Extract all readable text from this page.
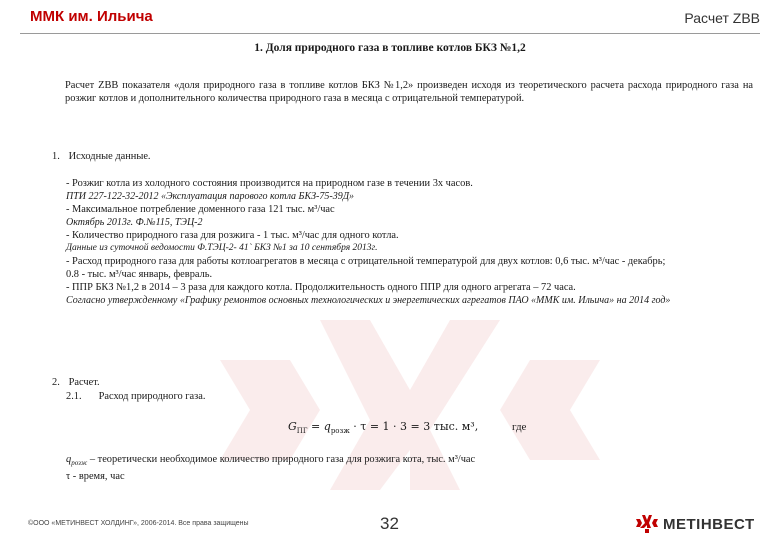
ММК им. Ильича	Расчет ZBB
1. Доля природного газа в топливе котлов БКЗ №1,2
Расчет ZBB показателя «доля природного газа в топливе котлов БКЗ №1,2» произведен исходя из теоретического расчета расхода природного газа на розжиг котлов и дополнительного количества природного газа в месяца с отрицательной температурой.
1. Исходные данные.

- Розжиг котла из холодного состояния производится на природном газе в течении 3х часов.

ПТИ 227-122-32-2012 «Эксплуатация парового котла БКЗ-75-39Д»

- Максимальное потребление доменного газа 121 тыс. м³/час

Октябрь 2013г. Ф.№115, ТЭЦ-2

- Количество природного газа для розжига - 1 тыс. м³/час для одного котла.

Данные из суточной ведомости Ф.ТЭЦ-2- 41` БКЗ №1 за 10 сентября 2013г.

- Расход природного газа для работы котлоагрегатов в месяца с отрицательной температурой для двух котлов: 0,6 тыс. м³/час - декабрь;

0.8 - тыс. м³/час январь, февраль.

- ППР БКЗ №1,2 в 2014 – 3 раза для каждого котла. Продолжительность одного ППР для одного агрегата – 72 часа.

Согласно утвержденному «Графику ремонтов основных технологических и энергетических агрегатов ПАО «ММК им. Ильича» на 2014 год»

2. Расчет.
2.1. Расход природного газа.
$G_{ПГ} = q_{розж} \cdot \tau = 1 \cdot 3 = 3$ тыс. м³,	где

$q_{розж}$ – теоретически необходимое количество природного газа для розжига кота, тыс. м³/час

τ - время, час

©ООО «МЕТИНВЕСТ ХОЛДИНГ», 2006-2014. Все права защищены	32	МЕТІНВЕСТ
